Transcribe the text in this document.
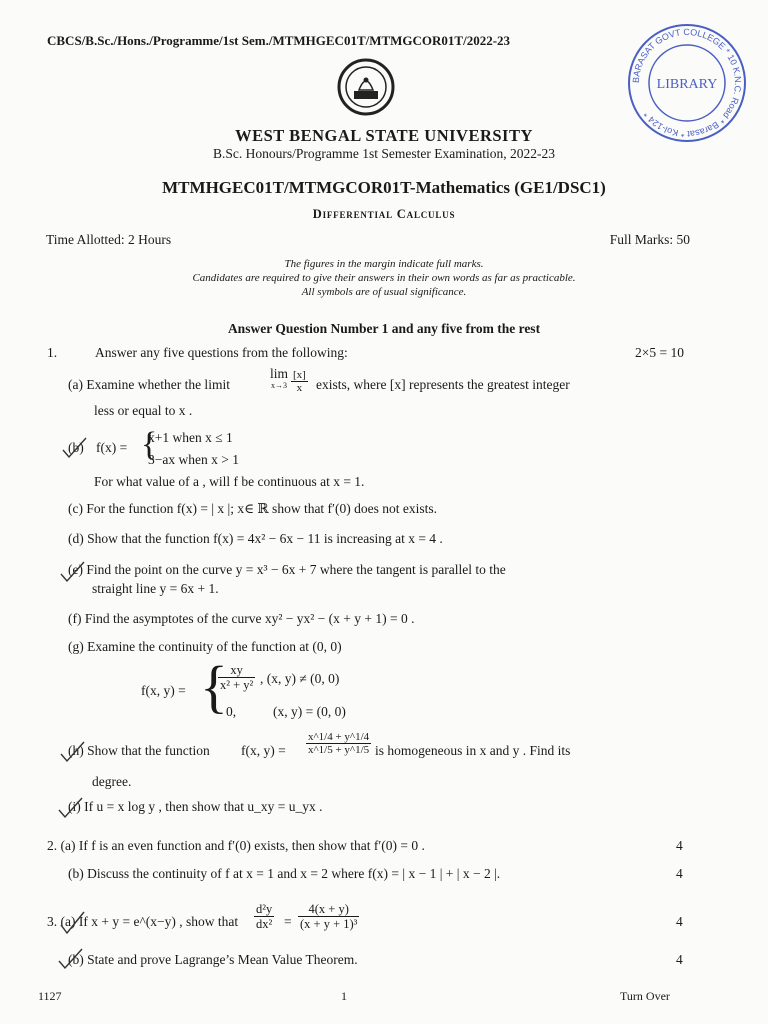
CBCS/B.Sc./Hons./Programme/1st Sem./MTMHGEC01T/MTMGCOR01T/2022-23
BARASAT GOVT COLLEGE * 10 K.N.C. Road * Barasat * Kol-124 *
LIBRARY
WEST BENGAL STATE UNIVERSITY
B.Sc. Honours/Programme 1st Semester Examination, 2022-23
MTMHGEC01T/MTMGCOR01T-Mathematics (GE1/DSC1)
Differential Calculus
Time Allotted: 2 Hours	Full Marks: 50
The figures in the margin indicate full marks.
Candidates are required to give their answers in their own words as far as practicable.
All symbols are of usual significance.
Answer Question Number 1 and any five from the rest
1.	Answer any five questions from the following:	2×5 = 10
(a) Examine whether the limit
lim
$x\to 3 \frac{[x]}{x}$ exists, where [x] represents the greatest integer
less or equal to x .
(b) f(x) = {
x+1 when x ≤ 1
3−ax when x > 1
For what value of a , will f be continuous at x = 1.
(c) For the function f(x) = | x |; x∈ ℝ show that f′(0) does not exists.
(d) Show that the function f(x) = 4x² − 6x − 11 is increasing at x = 4 .
(e) Find the point on the curve y = x³ − 6x + 7 where the tangent is parallel to the
straight line y = 6x + 1.
(f) Find the asymptotes of the curve xy² − yx² − (x + y + 1) = 0 .
(g) Examine the continuity of the function at (0, 0)
f(x, y) = {
$\frac{xy}{\text{x² + y²}}$ , (x, y) ≠ (0, 0)
0,	(x, y) = (0, 0)
(h) Show that the function f(x, $y) = \frac{x\^{}1/4 + y\^{}1/4}{x\^{}1/5 + y\^{}1/5}$ is homogeneous in x and y . Find its
degree.
(i) If u = x log y , then show that u_xy = u_yx .
2. (a) If f is an even function and f′(0) exists, then show that f′(0) = 0 .	4
(b) Discuss the continuity of f at x = 1 and x = 2 where f(x) = | x − 1 | + | x − 2 |.	4
3. (a) If x + y = e^(x−y) , show that $\frac{\text{d²y}}{\text{dx²}} = \frac{4(x + y)}{\text{(x + y + 1)³}}$	4
(b) State and prove Lagrange’s Mean Value Theorem.	4
1127	1	Turn Over
